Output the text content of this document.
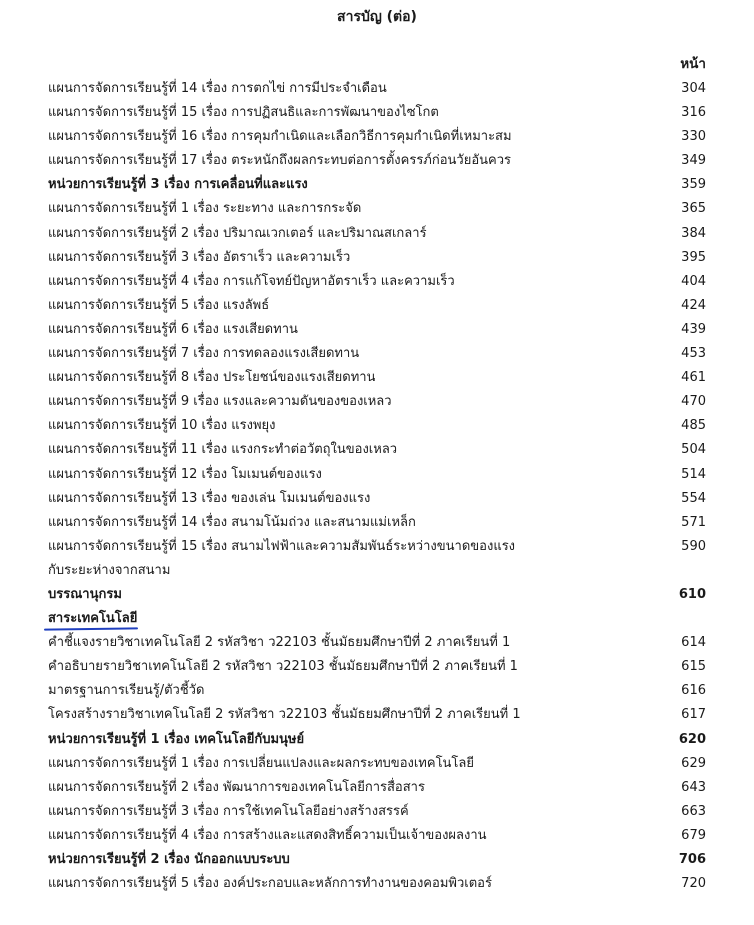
สารบัญ (ต่อ)
หน้า
แผนการจัดการเรียนรู้ที่ 14 เรื่อง การตกไข่ การมีประจำเดือน	304
แผนการจัดการเรียนรู้ที่ 15 เรื่อง การปฏิสนธิและการพัฒนาของไซโกต	316
แผนการจัดการเรียนรู้ที่ 16 เรื่อง การคุมกำเนิดและเลือกวิธีการคุมกำเนิดที่เหมาะสม	330
แผนการจัดการเรียนรู้ที่ 17 เรื่อง ตระหนักถึงผลกระทบต่อการตั้งครรภ์ก่อนวัยอันควร	349
หน่วยการเรียนรู้ที่ 3 เรื่อง การเคลื่อนที่และแรง	359
แผนการจัดการเรียนรู้ที่ 1 เรื่อง ระยะทาง และการกระจัด	365
แผนการจัดการเรียนรู้ที่ 2 เรื่อง ปริมาณเวกเตอร์ และปริมาณสเกลาร์	384
แผนการจัดการเรียนรู้ที่ 3 เรื่อง อัตราเร็ว และความเร็ว	395
แผนการจัดการเรียนรู้ที่ 4 เรื่อง การแก้โจทย์ปัญหาอัตราเร็ว และความเร็ว	404
แผนการจัดการเรียนรู้ที่ 5 เรื่อง แรงลัพธ์	424
แผนการจัดการเรียนรู้ที่ 6 เรื่อง แรงเสียดทาน	439
แผนการจัดการเรียนรู้ที่ 7 เรื่อง การทดลองแรงเสียดทาน	453
แผนการจัดการเรียนรู้ที่ 8 เรื่อง ประโยชน์ของแรงเสียดทาน	461
แผนการจัดการเรียนรู้ที่ 9 เรื่อง แรงและความดันของของเหลว	470
แผนการจัดการเรียนรู้ที่ 10 เรื่อง แรงพยุง	485
แผนการจัดการเรียนรู้ที่ 11 เรื่อง แรงกระทำต่อวัตถุในของเหลว	504
แผนการจัดการเรียนรู้ที่ 12 เรื่อง โมเมนต์ของแรง	514
แผนการจัดการเรียนรู้ที่ 13 เรื่อง ของเล่น โมเมนต์ของแรง	554
แผนการจัดการเรียนรู้ที่ 14 เรื่อง สนามโน้มถ่วง และสนามแม่เหล็ก	571
แผนการจัดการเรียนรู้ที่ 15 เรื่อง สนามไฟฟ้าและความสัมพันธ์ระหว่างขนาดของแรง	590
กับระยะห่างจากสนาม
บรรณานุกรม	610
สาระเทคโนโลยี
คำชี้แจงรายวิชาเทคโนโลยี 2 รหัสวิชา ว22103 ชั้นมัธยมศึกษาปีที่ 2 ภาคเรียนที่ 1	614
คำอธิบายรายวิชาเทคโนโลยี 2 รหัสวิชา ว22103 ชั้นมัธยมศึกษาปีที่ 2 ภาคเรียนที่ 1	615
มาตรฐานการเรียนรู้/ตัวชี้วัด	616
โครงสร้างรายวิชาเทคโนโลยี 2 รหัสวิชา ว22103 ชั้นมัธยมศึกษาปีที่ 2 ภาคเรียนที่ 1	617
หน่วยการเรียนรู้ที่ 1 เรื่อง เทคโนโลยีกับมนุษย์	620
แผนการจัดการเรียนรู้ที่ 1 เรื่อง การเปลี่ยนแปลงและผลกระทบของเทคโนโลยี	629
แผนการจัดการเรียนรู้ที่ 2 เรื่อง พัฒนาการของเทคโนโลยีการสื่อสาร	643
แผนการจัดการเรียนรู้ที่ 3 เรื่อง การใช้เทคโนโลยีอย่างสร้างสรรค์	663
แผนการจัดการเรียนรู้ที่ 4 เรื่อง การสร้างและแสดงสิทธิ์ความเป็นเจ้าของผลงาน	679
หน่วยการเรียนรู้ที่ 2 เรื่อง นักออกแบบระบบ	706
แผนการจัดการเรียนรู้ที่ 5 เรื่อง องค์ประกอบและหลักการทำงานของคอมพิวเตอร์	720
